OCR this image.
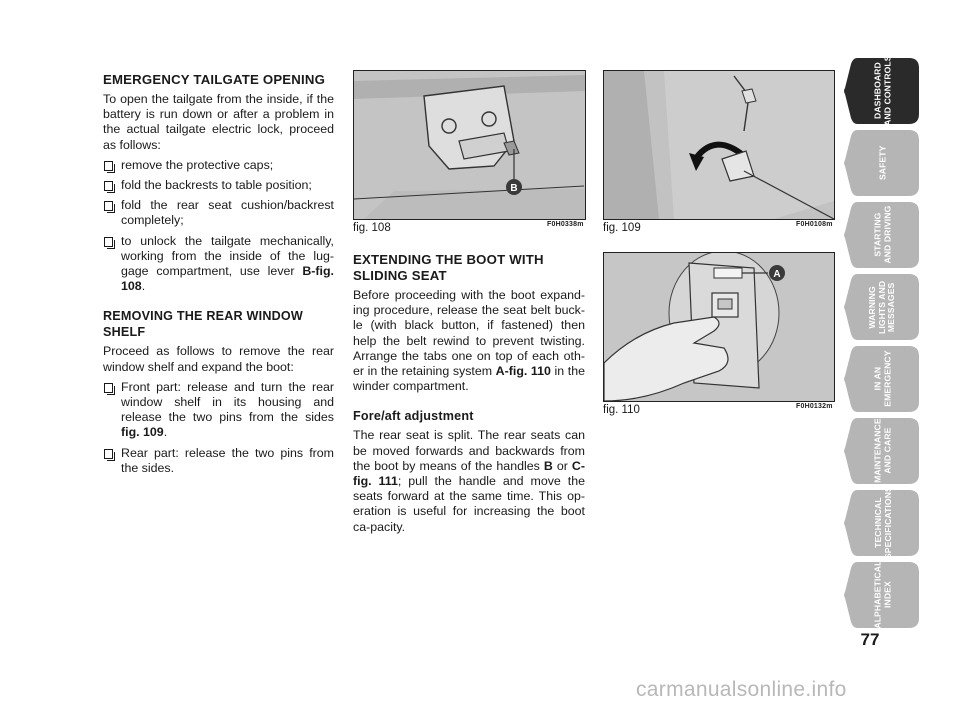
EMERGENCY TAILGATE OPENING

To open the tailgate from the inside, if the battery is run down or after a problem in the actual tailgate electric lock, proceed as follows:

remove the protective caps;
fold the backrests to table position;
fold the rear seat cushion/backrest completely;
to unlock the tailgate mechanically, working from the inside of the lug-gage compartment, use lever B-fig. 108.
REMOVING THE REAR WINDOW SHELF

Proceed as follows to remove the rear window shelf and expand the boot:

Front part: release and turn the rear window shelf in its housing and release the two pins from the sides fig. 109.
Rear part: release the two pins from the sides.
B
fig. 108	F0H0338m fig. 109	F0H0108m
A
fig. 110	F0H0132m
EXTENDING THE BOOT WITH SLIDING SEAT

Before proceeding with the boot expand-ing procedure, release the seat belt buck-le (with black button, if fastened) then help the belt rewind to prevent twisting. Arrange the tabs one on top of each oth-er in the retaining system A-fig. 110 in the winder compartment.

Fore/aft adjustment

The rear seat is split. The rear seats can be moved forwards and backwards from the boot by means of the handles B or C-fig. 111; pull the handle and move the seats forward at the same time. This op-eration is useful for increasing the boot ca-pacity.

DASHBOARD
AND CONTROLS
SAFETY
STARTING
AND DRIVING
WARNING
LIGHTS AND
MESSAGES
IN AN
EMERGENCY
MAINTENANCE
AND CARE
TECHNICAL
SPECIFICATIONS
ALPHABETICAL
INDEX
77
carmanualsonline.info
